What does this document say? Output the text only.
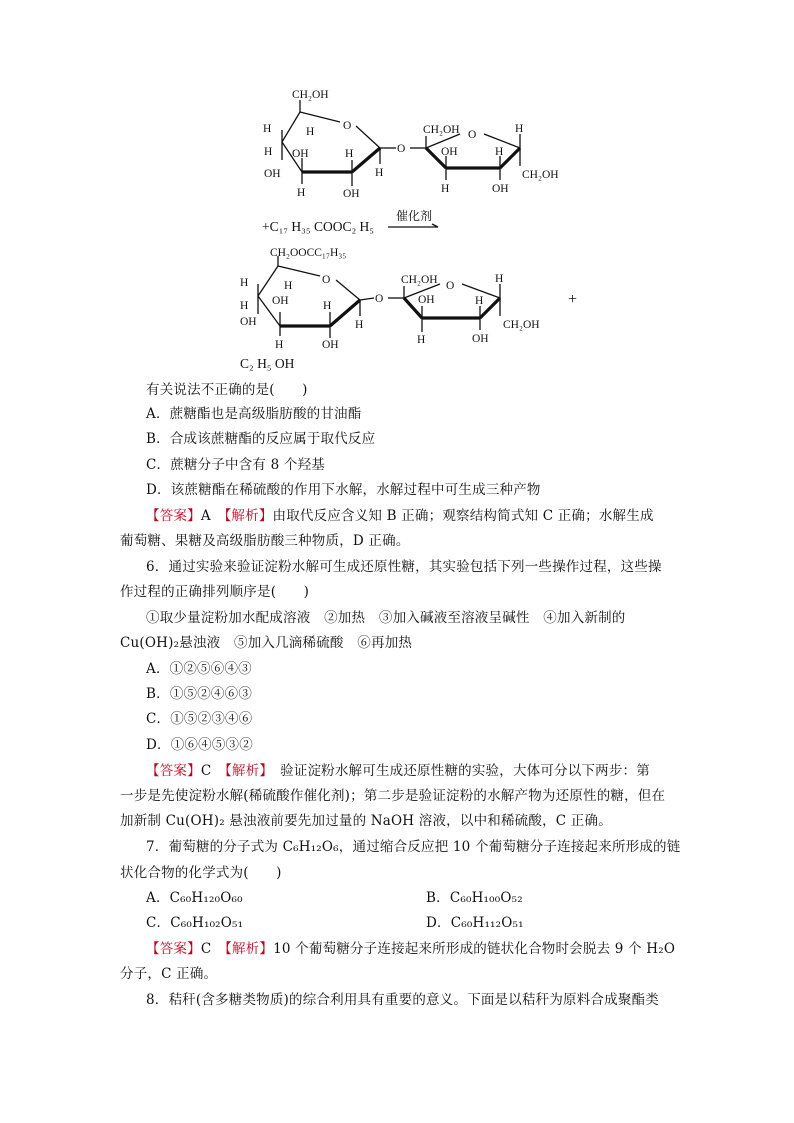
CH₂OH
O
H
H
H
OH	H
OH
H	OH
H
O
CH₂OH O
OH	H
H
H	OH
CH₂OH
+C₁₇ H₃₅ COOC₂ H₅
催化剂
CH₂OOCC₁₇H₃₅
O
H
H
H
OH	H
OH
H	OH
H
O
CH₂OH O
OH	H
H
H	OH
CH₂OH
+
C₂ H₅ OH
有关说法不正确的是(　　)
A．蔗糖酯也是高级脂肪酸的甘油酯
B．合成该蔗糖酯的反应属于取代反应
C．蔗糖分子中含有 8 个羟基
D．该蔗糖酯在稀硫酸的作用下水解，水解过程中可生成三种产物
【答案】A　 【解析】由取代反应含义知 B 正确；观察结构简式知 C 正确；水解生成
葡萄糖、果糖及高级脂肪酸三种物质，D 正确。
6．通过实验来验证淀粉水解可生成还原性糖，其实验包括下列一些操作过程，这些操
作过程的正确排列顺序是(　　)
①取少量淀粉加水配成溶液　②加热　③加入碱液至溶液呈碱性　④加入新制的
Cu(OH)₂悬浊液　⑤加入几滴稀硫酸　⑥再加热
A．①②⑤⑥④③
B．①⑤②④⑥③
C．①⑤②③④⑥
D．①⑥④⑤③②
【答案】C　 【解析】　 验证淀粉水解可生成还原性糖的实验，大体可分以下两步：第
一步是先使淀粉水解(稀硫酸作催化剂)；第二步是验证淀粉的水解产物为还原性的糖，但在
加新制 Cu(OH)₂ 悬浊液前要先加过量的 NaOH 溶液，以中和稀硫酸，C 正确。
7．葡萄糖的分子式为 C₆H₁₂O₆，通过缩合反应把 10 个葡萄糖分子连接起来所形成的链
状化合物的化学式为(　　)
A．C₆₀H₁₂₀O₆₀	B．C₆₀H₁₀₀O₅₂
C．C₆₀H₁₀₂O₅₁	D．C₆₀H₁₁₂O₅₁
【答案】C　 【解析】10 个葡萄糖分子连接起来所形成的链状化合物时会脱去 9 个 H₂O
分子，C 正确。
8．秸秆(含多糖类物质)的综合利用具有重要的意义。下面是以秸秆为原料合成聚酯类
